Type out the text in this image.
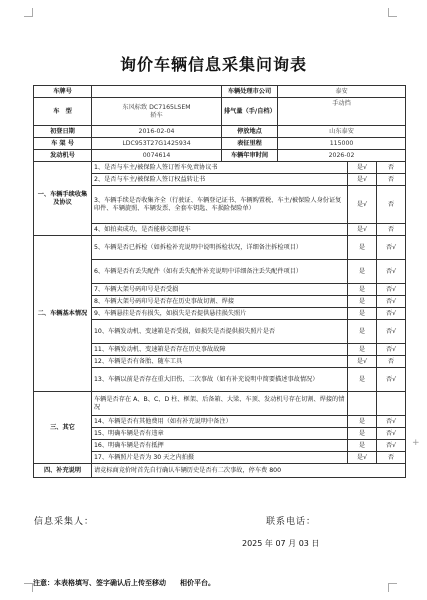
询价车辆信息采集问询表
车牌号		车辆处理市公司	泰安		
车　型	东风标致 DC7165LSEM
轿车	排气量（手/自档）	手动挡		
初登日期	2016-02-04	停放地点	山东泰安		
车 架 号	LDC953T27G1425934	表征里程	115000		
发动机号	0074614	车辆年审时间	2026-02		
一、车辆手续收集及协议	1、是否与车主/被保险人签订暂车免责协议书			是√	否
	2、是否与车主/被保险人签订权益转让书			是√	否
	3、车辆手续是否收集齐全（行驶证、车辆登记证书、车辆购置税、车主/被保险人身份证复印件、车辆旋照、车辆发票、全套车钥匙、车损险保险单）			是√	否
	4、如拍卖成功，是否能移交即提车			是√	否
二、车辆基本情况	5、车辆是否已拆检（如拆检补充说明中说明拆检状况，详细备注拆检项目）			是	否√
	6、车辆是否有丢失配件（如有丢失配件补充说明中详细备注丢失配件项目）			是	否√
	7、车辆大架号码印号是否受损			是	否√
	8、车辆大架号码印号是否存在历史事故切割、焊接			是	否√
	9、车辆悬挂是否有损失，如损失是否提供悬挂损失照片			是	否√
	10、车辆发动机、变速箱是否受损，如损失是否提供损失照片是否			是	否√
	11、车辆发动机、变速箱是否存在历史事故故障			是	否√
	12、车辆是否有备胎、随车工具			是√	否
	13、车辆以前是否存在重大旧伤、二次事故（如有补充说明中简要描述事故情况）			是	否√
三、其它	车辆是否存在 A、B、C、D 柱、框架、后备箱、大梁、车顶、发动机号存在切割、焊接的情况				
	14、车辆是否有其他费用（如有补充说明中备注）			是	否√
	15、明确车辆是否有违章			是	否√
	16、明确车辆是否有抵押			是	否√
	17、车辆照片是否为 30 天之内拍摄			是√	否
四、补充说明	请竞标商竞价时首先自行确认车辆历史是否有二次事故，停车费 800				
信息采集人：	联系电话：
2025 年 07 月 03 日
+
注意：本表格填写、签字确认后上传至移动　　相价平台。
